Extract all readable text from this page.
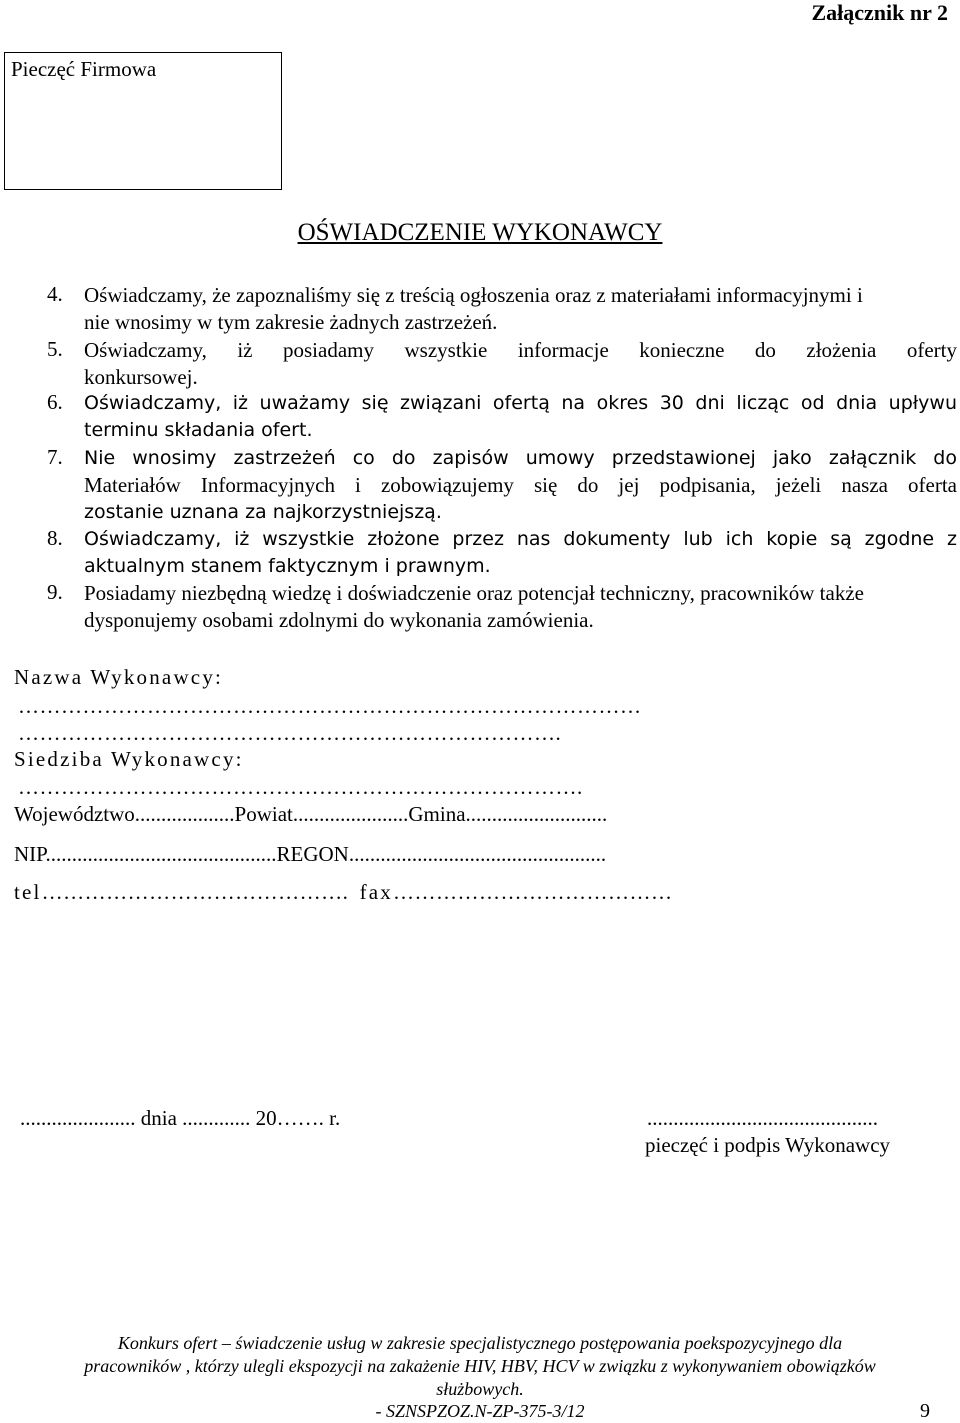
Załącznik nr 2
Pieczęć Firmowa
OŚWIADCZENIE WYKONAWCY
4. Oświadczamy, że zapoznaliśmy się z treścią ogłoszenia oraz z materiałami informacyjnymi i
nie wnosimy w tym zakresie żadnych zastrzeżeń.
5. Oświadczamy, iż posiadamy wszystkie informacje konieczne do złożenia oferty
konkursowej.
6. Oświadczamy, iż uważamy się związani ofertą na okres 30 dni licząc od dnia upływu
terminu składania ofert.
7. Nie wnosimy zastrzeżeń co do zapisów umowy przedstawionej jako załącznik do
Materiałów Informacyjnych i zobowiązujemy się do jej podpisania, jeżeli nasza oferta
zostanie uznana za najkorzystniejszą.
8. Oświadczamy, iż wszystkie złożone przez nas dokumenty lub ich kopie są zgodne z
aktualnym stanem faktycznym i prawnym.
9. Posiadamy niezbędną wiedzę i doświadczenie oraz potencjał techniczny, pracowników także
dysponujemy osobami zdolnymi do wykonania zamówienia.
Nazwa Wykonawcy:
……………………………………………………………………………
………………………………………………………………….
Siedziba Wykonawcy:
…………………………………………………………………….
Województwo...................Powiat......................Gmina...........................
NIP............................................REGON.................................................
tel……………………………………. fax…………………………………
...................... dnia ............. 20……. r.	............................................
pieczęć i podpis Wykonawcy
Konkurs ofert – świadczenie usług w zakresie specjalistycznego postępowania poekspozycyjnego dla
pracowników , którzy ulegli ekspozycji na zakażenie HIV, HBV, HCV w związku z wykonywaniem obowiązków
służbowych.
- SZNSPZOZ.N-ZP-375-3/12	9
